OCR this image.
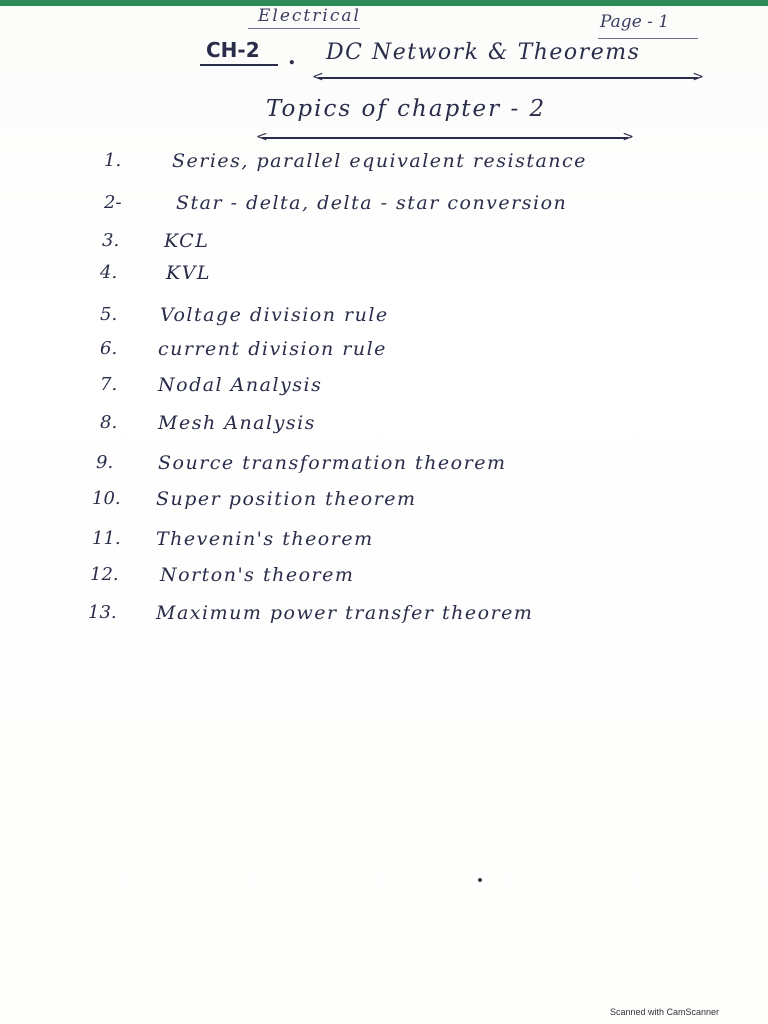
Electrical	Page - 1
CH-2 . DC Network & Theorems
<	>
Topics of chapter - 2
<	>
1.	Series, parallel equivalent resistance
2-	Star - delta, delta - star conversion
3. KCL
4.	KVL
5. Voltage division rule
6. current division rule
7. Nodal Analysis
8. Mesh Analysis
9. Source transformation theorem
10. Super position theorem
11. Thevenin's theorem
12. Norton's theorem
13. Maximum power transfer theorem
Scanned with CamScanner
